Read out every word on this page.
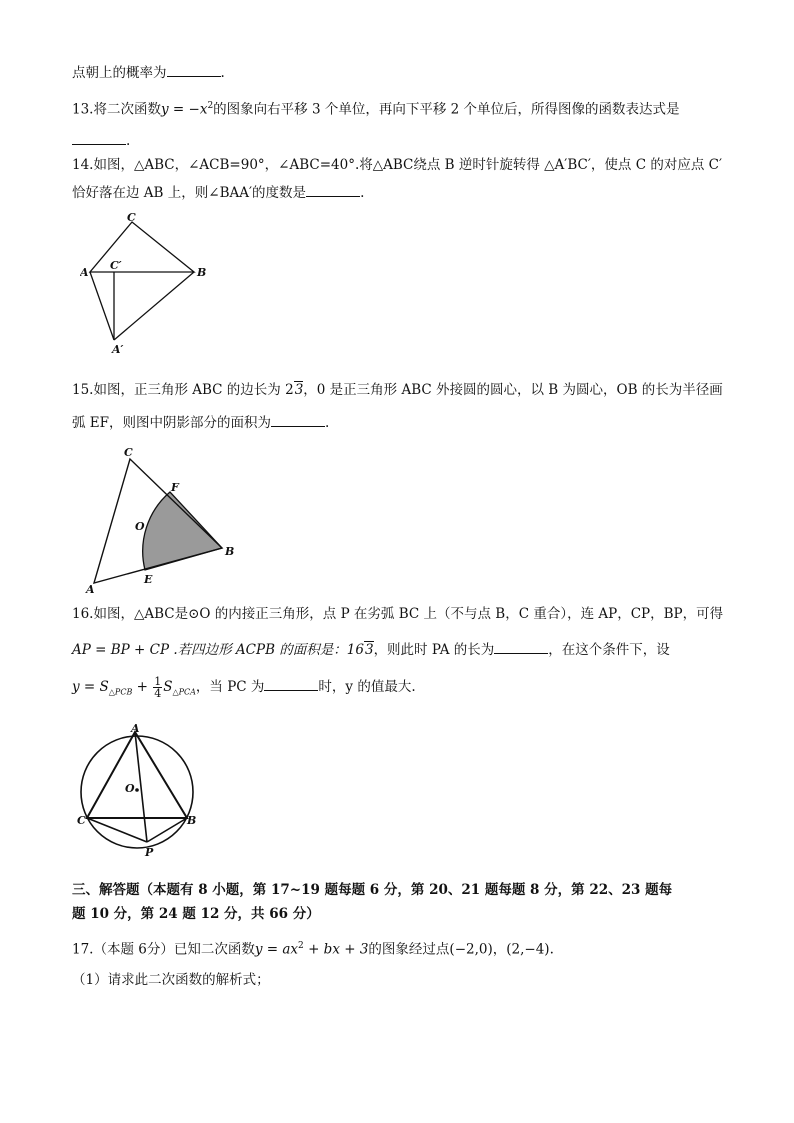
点朝上的概率为	.
13.将二次函数$y = -x^2$的图象向右平移 3 个单位，再向下平移 2 个单位后，所得图像的函数表达式是
.
14.如图，△ABC，∠ACB=90°，∠ABC=40°.将△ABC绕点 B 逆时针旋转得 △A′BC′，使点 C 的对应点 C′
恰好落在边 AB 上，则∠BAA′的度数是	.
C
A
C′
B
A′
15.如图，正三角形 ABC 的边长为 23，0 是正三角形 ABC 外接圆的圆心，以 B 为圆心，OB 的长为半径画
弧 EF，则图中阴影部分的面积为	.
C
F
O
B
A
E
16.如图，△ABC是⊙O 的内接正三角形，点 P 在劣弧 BC 上（不与点 B，C 重合），连 AP，CP，BP，可得
AP = BP + CP .若四边形 ACPB 的面积是：163，则此时 PA 的长为	，在这个条件下，设
$y = S_{\triangle PCB} + \frac{1}{4} S_{\triangle PCA}$，当 PC 为	时，y 的值最大.
A
O
C	B
P
三、解答题（本题有 8 小题，第 17~19 题每题 6 分，第 20、21 题每题 8 分，第 22、23 题每
题 10 分，第 24 题 12 分，共 66 分）
17.（本题 6分）已知二次函数$y = ax^2$ + bx + 3的图象经过点(−2,0)，(2,−4).
（1）请求此二次函数的解析式；
